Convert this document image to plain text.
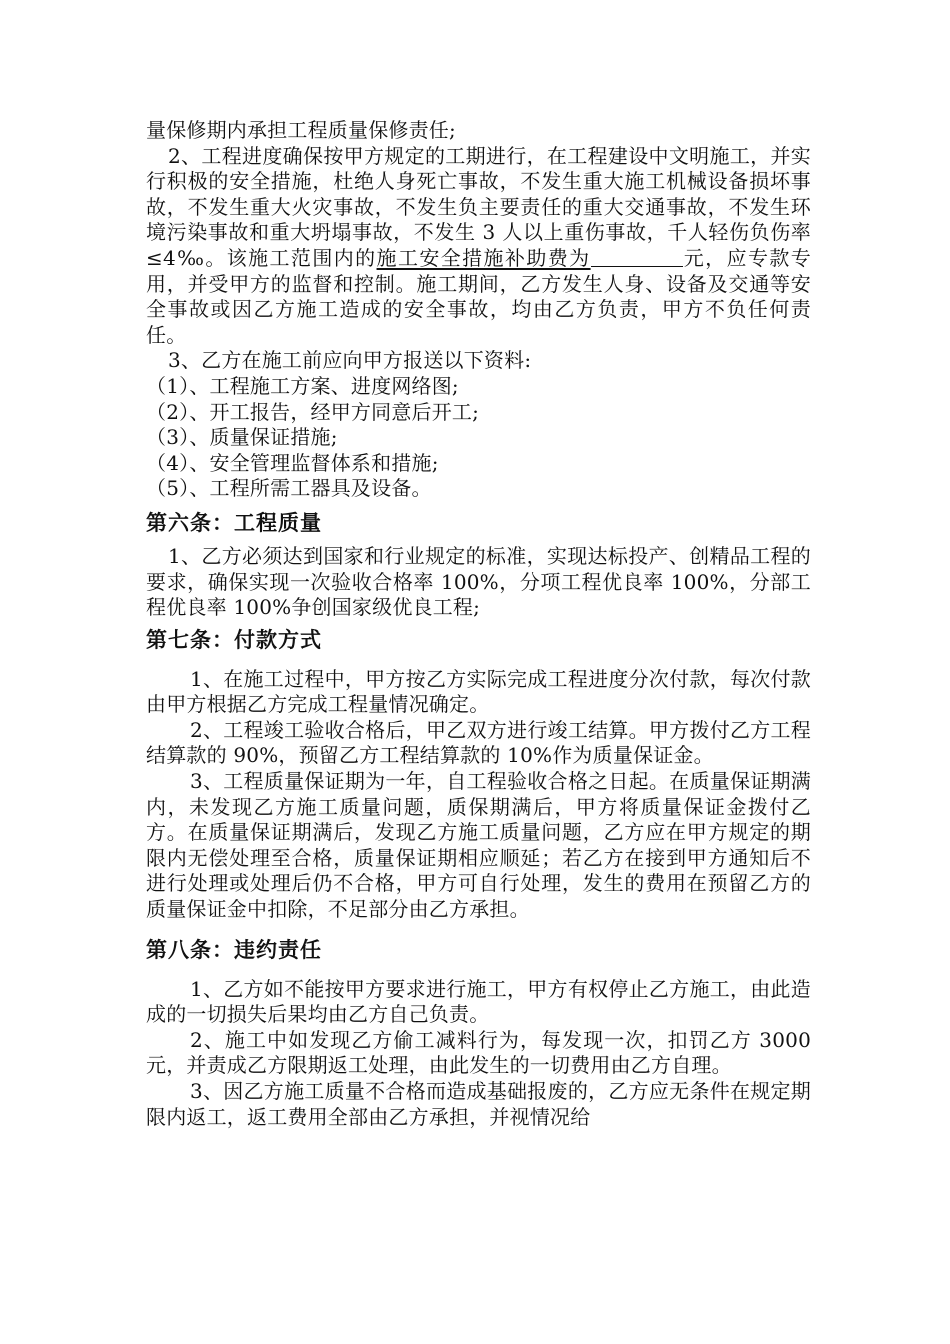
量保修期内承担工程质量保修责任;

2、工程进度确保按甲方规定的工期进行，在工程建设中文明施工，并实行积极的安全措施，杜绝人身死亡事故，不发生重大施工机械设备损坏事故，不发生重大火灾事故，不发生负主要责任的重大交通事故，不发生环境污染事故和重大坍塌事故，不发生 3 人以上重伤事故，千人轻伤负伤率≤4‰。该施工范围内的施工安全措施补助费为	元，应专款专用，并受甲方的监督和控制。施工期间，乙方发生人身、设备及交通等安全事故或因乙方施工造成的安全事故，均由乙方负责，甲方不负任何责任。

3、乙方在施工前应向甲方报送以下资料:

（1）、工程施工方案、进度网络图;

（2）、开工报告，经甲方同意后开工;

（3）、质量保证措施;

（4）、安全管理监督体系和措施;

（5）、工程所需工器具及设备。

第六条：工程质量

1、乙方必须达到国家和行业规定的标准，实现达标投产、创精品工程的要求，确保实现一次验收合格率 100%，分项工程优良率 100%，分部工程优良率 100%争创国家级优良工程;

第七条：付款方式

1、在施工过程中，甲方按乙方实际完成工程进度分次付款，每次付款由甲方根据乙方完成工程量情况确定。

2、工程竣工验收合格后，甲乙双方进行竣工结算。甲方拨付乙方工程结算款的 90%，预留乙方工程结算款的 10%作为质量保证金。

3、工程质量保证期为一年，自工程验收合格之日起。在质量保证期满内，未发现乙方施工质量问题，质保期满后，甲方将质量保证金拨付乙方。在质量保证期满后，发现乙方施工质量问题，乙方应在甲方规定的期限内无偿处理至合格，质量保证期相应顺延；若乙方在接到甲方通知后不进行处理或处理后仍不合格，甲方可自行处理，发生的费用在预留乙方的质量保证金中扣除，不足部分由乙方承担。

第八条：违约责任

1、乙方如不能按甲方要求进行施工，甲方有权停止乙方施工，由此造成的一切损失后果均由乙方自己负责。

2、施工中如发现乙方偷工减料行为，每发现一次，扣罚乙方 3000 元，并责成乙方限期返工处理，由此发生的一切费用由乙方自理。

3、因乙方施工质量不合格而造成基础报废的，乙方应无条件在规定期限内返工，返工费用全部由乙方承担，并视情况给
